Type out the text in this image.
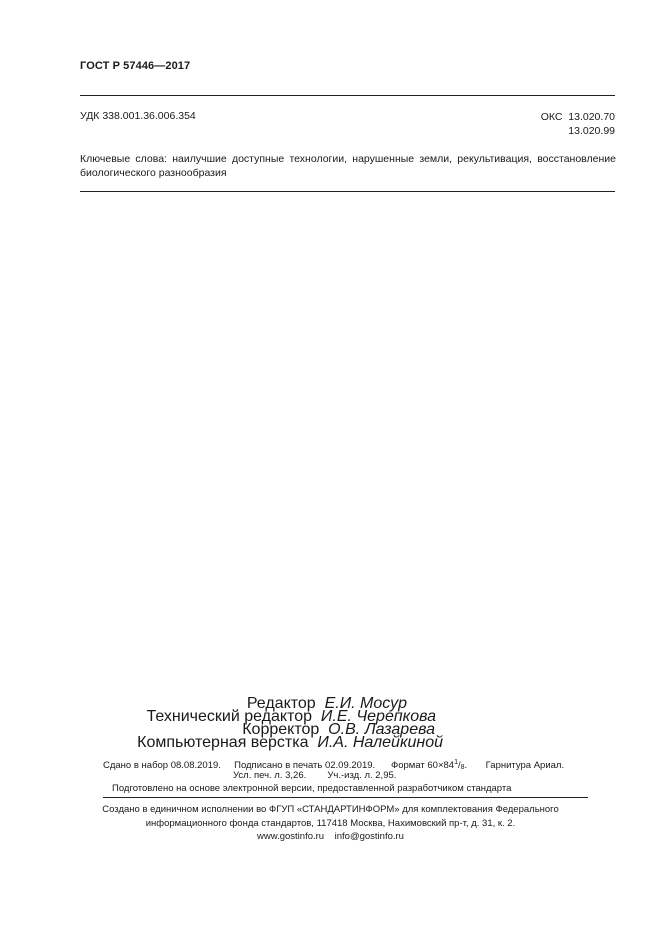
ГОСТ Р 57446—2017
УДК 338.001.36.006.354	ОКС 13.020.70
13.020.99
Ключевые слова: наилучшие доступные технологии, нарушенные земли, рекультивация, восстановление биологического разнообразия
Редактор Е.И. Мосур
Технический редактор И.Е. Черепкова
Корректор О.В. Лазарева
Компьютерная верстка И.А. Налейкиной
Сдано в набор 08.08.2019. Подписано в печать 02.09.2019. Формат $60\times 84^1/_8$. Гарнитура Ариал.
Усл. печ. л. 3,26. Уч.-изд. л. 2,95.
Подготовлено на основе электронной версии, предоставленной разработчиком стандарта
Создано в единичном исполнении во ФГУП «СТАНДАРТИНФОРМ» для комплектования Федерального
информационного фонда стандартов, 117418 Москва, Нахимовский пр-т, д. 31, к. 2.
www.gostinfo.ru info@gostinfo.ru
